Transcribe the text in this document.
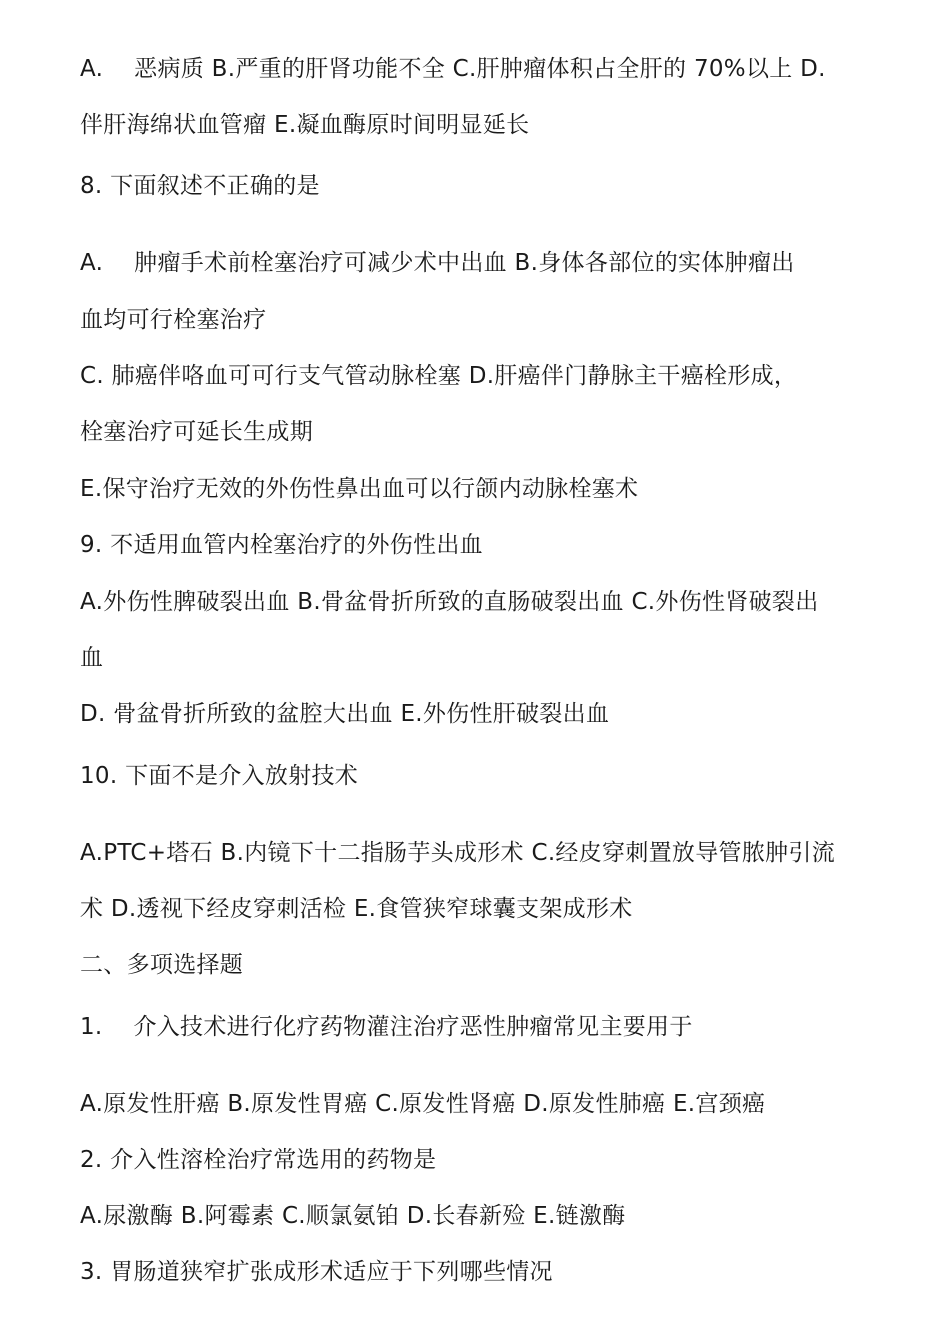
A.　 恶病质 B.严重的肝肾功能不全 C.肝肿瘤体积占全肝的 70%以上 D.
伴肝海绵状血管瘤 E.凝血酶原时间明显延长
8. 下面叙述不正确的是
A.　 肿瘤手术前栓塞治疗可减少术中出血 B.身体各部位的实体肿瘤出
血均可行栓塞治疗
C. 肺癌伴咯血可可行支气管动脉栓塞 D.肝癌伴门静脉主干癌栓形成，
栓塞治疗可延长生成期
E.保守治疗无效的外伤性鼻出血可以行颌内动脉栓塞术
9. 不适用血管内栓塞治疗的外伤性出血
A.外伤性脾破裂出血 B.骨盆骨折所致的直肠破裂出血 C.外伤性肾破裂出
血
D. 骨盆骨折所致的盆腔大出血 E.外伤性肝破裂出血
10. 下面不是介入放射技术
A.PTC+塔石 B.内镜下十二指肠芋头成形术 C.经皮穿刺置放导管脓肿引流
术 D.透视下经皮穿刺活检 E.食管狭窄球囊支架成形术
二、多项选择题
1.　 介入技术进行化疗药物灌注治疗恶性肿瘤常见主要用于
A.原发性肝癌 B.原发性胃癌 C.原发性肾癌 D.原发性肺癌 E.宫颈癌
2. 介入性溶栓治疗常选用的药物是
A.尿激酶 B.阿霉素 C.顺氯氨铂 D.长春新殓 E.链激酶
3. 胃肠道狭窄扩张成形术适应于下列哪些情况
